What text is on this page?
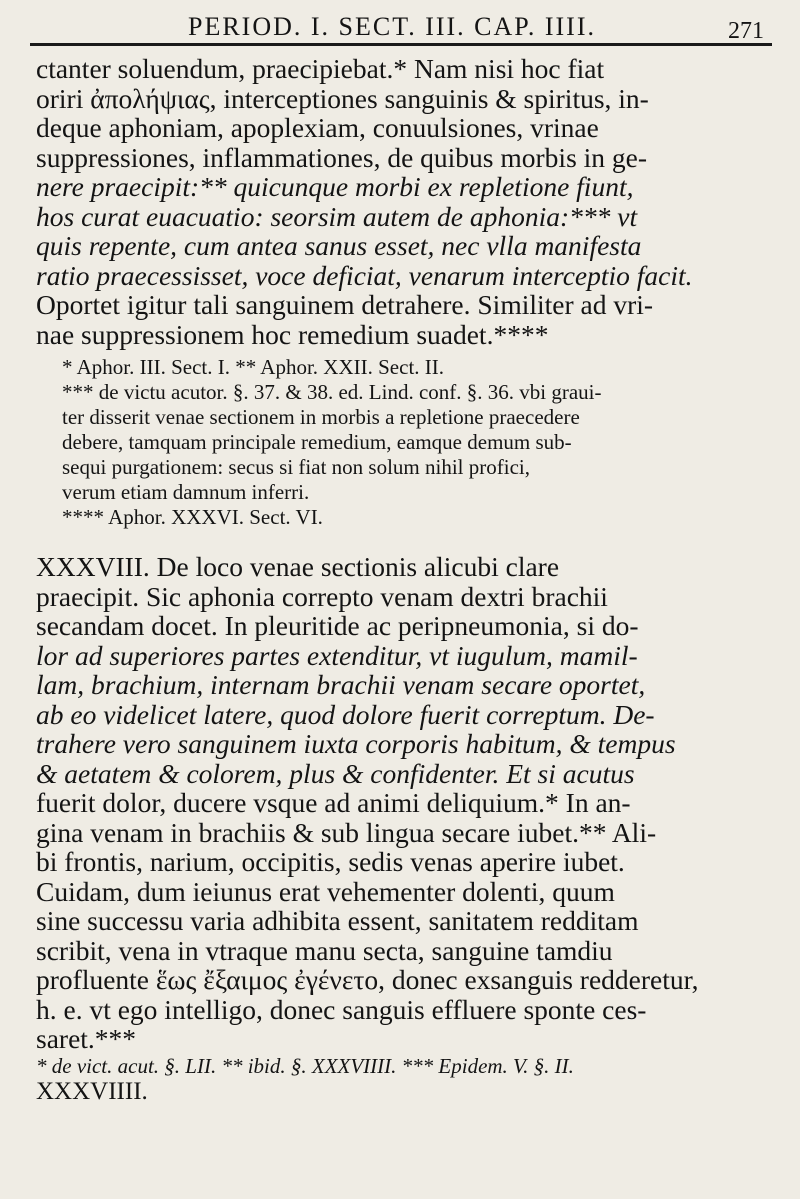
PERIOD. I. SECT. III. CAP. IIII.	271

ctanter soluendum, praecipiebat.* Nam nisi hoc fiat

oriri ἀπολήψιας, interceptiones sanguinis & spiritus, in-

deque aphoniam, apoplexiam, conuulsiones, vrinae

suppressiones, inflammationes, de quibus morbis in ge-

nere praecipit:** quicunque morbi ex repletione fiunt,

hos curat euacuatio: seorsim autem de aphonia:*** vt

quis repente, cum antea sanus esset, nec vlla manifesta

ratio praecessisset, voce deficiat, venarum interceptio facit.

Oportet igitur tali sanguinem detrahere. Similiter ad vri-

nae suppressionem hoc remedium suadet.****

* Aphor. III. Sect. I. ** Aphor. XXII. Sect. II.

*** de victu acutor. §. 37. & 38. ed. Lind. conf. §. 36. vbi graui-

ter disserit venae sectionem in morbis a repletione praecedere

debere, tamquam principale remedium, eamque demum sub-

sequi purgationem: secus si fiat non solum nihil profici,

verum etiam damnum inferri.

**** Aphor. XXXVI. Sect. VI.

XXXVIII. De loco venae sectionis alicubi clare

praecipit. Sic aphonia correpto venam dextri brachii

secandam docet. In pleuritide ac peripneumonia, si do-

lor ad superiores partes extenditur, vt iugulum, mamil-

lam, brachium, internam brachii venam secare oportet,

ab eo videlicet latere, quod dolore fuerit correptum. De-

trahere vero sanguinem iuxta corporis habitum, & tempus

& aetatem & colorem, plus & confidenter. Et si acutus

fuerit dolor, ducere vsque ad animi deliquium.* In an-

gina venam in brachiis & sub lingua secare iubet.** Ali-

bi frontis, narium, occipitis, sedis venas aperire iubet.

Cuidam, dum ieiunus erat vehementer dolenti, quum

sine successu varia adhibita essent, sanitatem redditam

scribit, vena in vtraque manu secta, sanguine tamdiu

profluente ἕως ἔξαιμος ἐγένετο, donec exsanguis redderetur,

h. e. vt ego intelligo, donec sanguis effluere sponte ces-

saret.***

* de vict. acut. §. LII. ** ibid. §. XXXVIIII. *** Epidem. V. §. II.

XXXVIIII.
